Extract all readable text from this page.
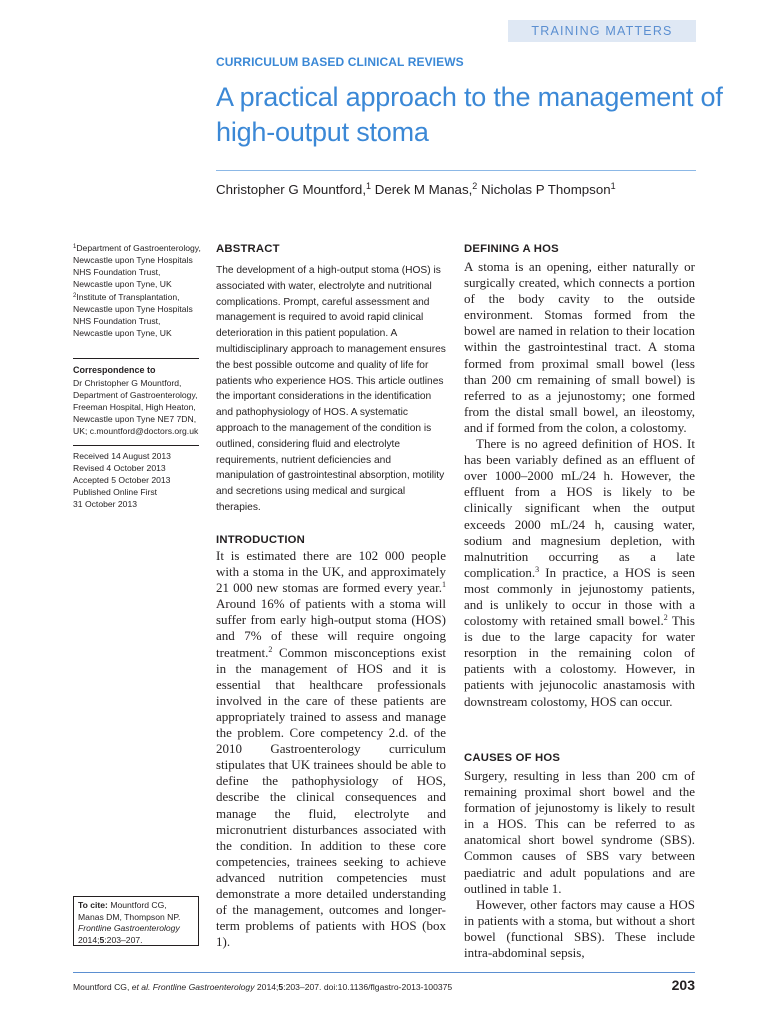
TRAINING MATTERS
CURRICULUM BASED CLINICAL REVIEWS
A practical approach to the management of high-output stoma
Christopher G Mountford,$^1$ Derek M Manas,$^2$ Nicholas P Thompson$^1$

$^1$Department of Gastroenterology, Newcastle upon Tyne Hospitals NHS Foundation Trust, Newcastle upon Tyne, UK

$^2$Institute of Transplantation, Newcastle upon Tyne Hospitals NHS Foundation Trust, Newcastle upon Tyne, UK

Correspondence to
Dr Christopher G Mountford, Department of Gastroenterology, Freeman Hospital, High Heaton, Newcastle upon Tyne NE7 7DN, UK; c.mountford@doctors.org.uk
Received 14 August 2013
Revised 4 October 2013
Accepted 5 October 2013
Published Online First
31 October 2013
To cite: Mountford CG, Manas DM, Thompson NP. Frontline Gastroenterology
2014;5:203–207.
ABSTRACT

The development of a high-output stoma (HOS) is associated with water, electrolyte and nutritional complications. Prompt, careful assessment and management is required to avoid rapid clinical deterioration in this patient population. A multidisciplinary approach to management ensures the best possible outcome and quality of life for patients who experience HOS. This article outlines the important considerations in the identification and pathophysiology of HOS. A systematic approach to the management of the condition is outlined, considering fluid and electrolyte requirements, nutrient deficiencies and manipulation of gastrointestinal absorption, motility and secretions using medical and surgical therapies.

INTRODUCTION

It is estimated there are 102 000 people with a stoma in the UK, and approximately 21 000 new stomas are formed every year.$^1$ Around 16% of patients with a stoma will suffer from early high-output stoma (HOS) and 7% of these will require ongoing treatment.$^2$ Common misconceptions exist in the management of HOS and it is essential that healthcare professionals involved in the care of these patients are appropriately trained to assess and manage the problem. Core competency 2.d. of the 2010 Gastroenterology curriculum stipulates that UK trainees should be able to define the pathophysiology of HOS, describe the clinical consequences and manage the fluid, electrolyte and micronutrient disturbances associated with the condition. In addition to these core competencies, trainees seeking to achieve advanced nutrition competencies must demonstrate a more detailed understanding of the management, outcomes and longer-term problems of patients with HOS (box 1).

DEFINING A HOS

A stoma is an opening, either naturally or surgically created, which connects a portion of the body cavity to the outside environment. Stomas formed from the bowel are named in relation to their location within the gastrointestinal tract. A stoma formed from proximal small bowel (less than 200 cm remaining of small bowel) is referred to as a jejunostomy; one formed from the distal small bowel, an ileostomy, and if formed from the colon, a colostomy.

There is no agreed definition of HOS. It has been variably defined as an effluent of over 1000–2000 mL/24 h. However, the effluent from a HOS is likely to be clinically significant when the output exceeds 2000 mL/24 h, causing water, sodium and magnesium depletion, with malnutrition occurring as a late complication.$^3$ In practice, a HOS is seen most commonly in jejunostomy patients, and is unlikely to occur in those with a colostomy with retained small bowel.$^2$ This is due to the large capacity for water resorption in the remaining colon of patients with a colostomy. However, in patients with jejunocolic anastamosis with downstream colostomy, HOS can occur.

CAUSES OF HOS

Surgery, resulting in less than 200 cm of remaining proximal short bowel and the formation of jejunostomy is likely to result in a HOS. This can be referred to as anatomical short bowel syndrome (SBS). Common causes of SBS vary between paediatric and adult populations and are outlined in table 1.

However, other factors may cause a HOS in patients with a stoma, but without a short bowel (functional SBS). These include intra-abdominal sepsis,

Mountford CG, et al. Frontline Gastroenterology 2014;5:203–207. doi:10.1136/flgastro-2013-100375	203
